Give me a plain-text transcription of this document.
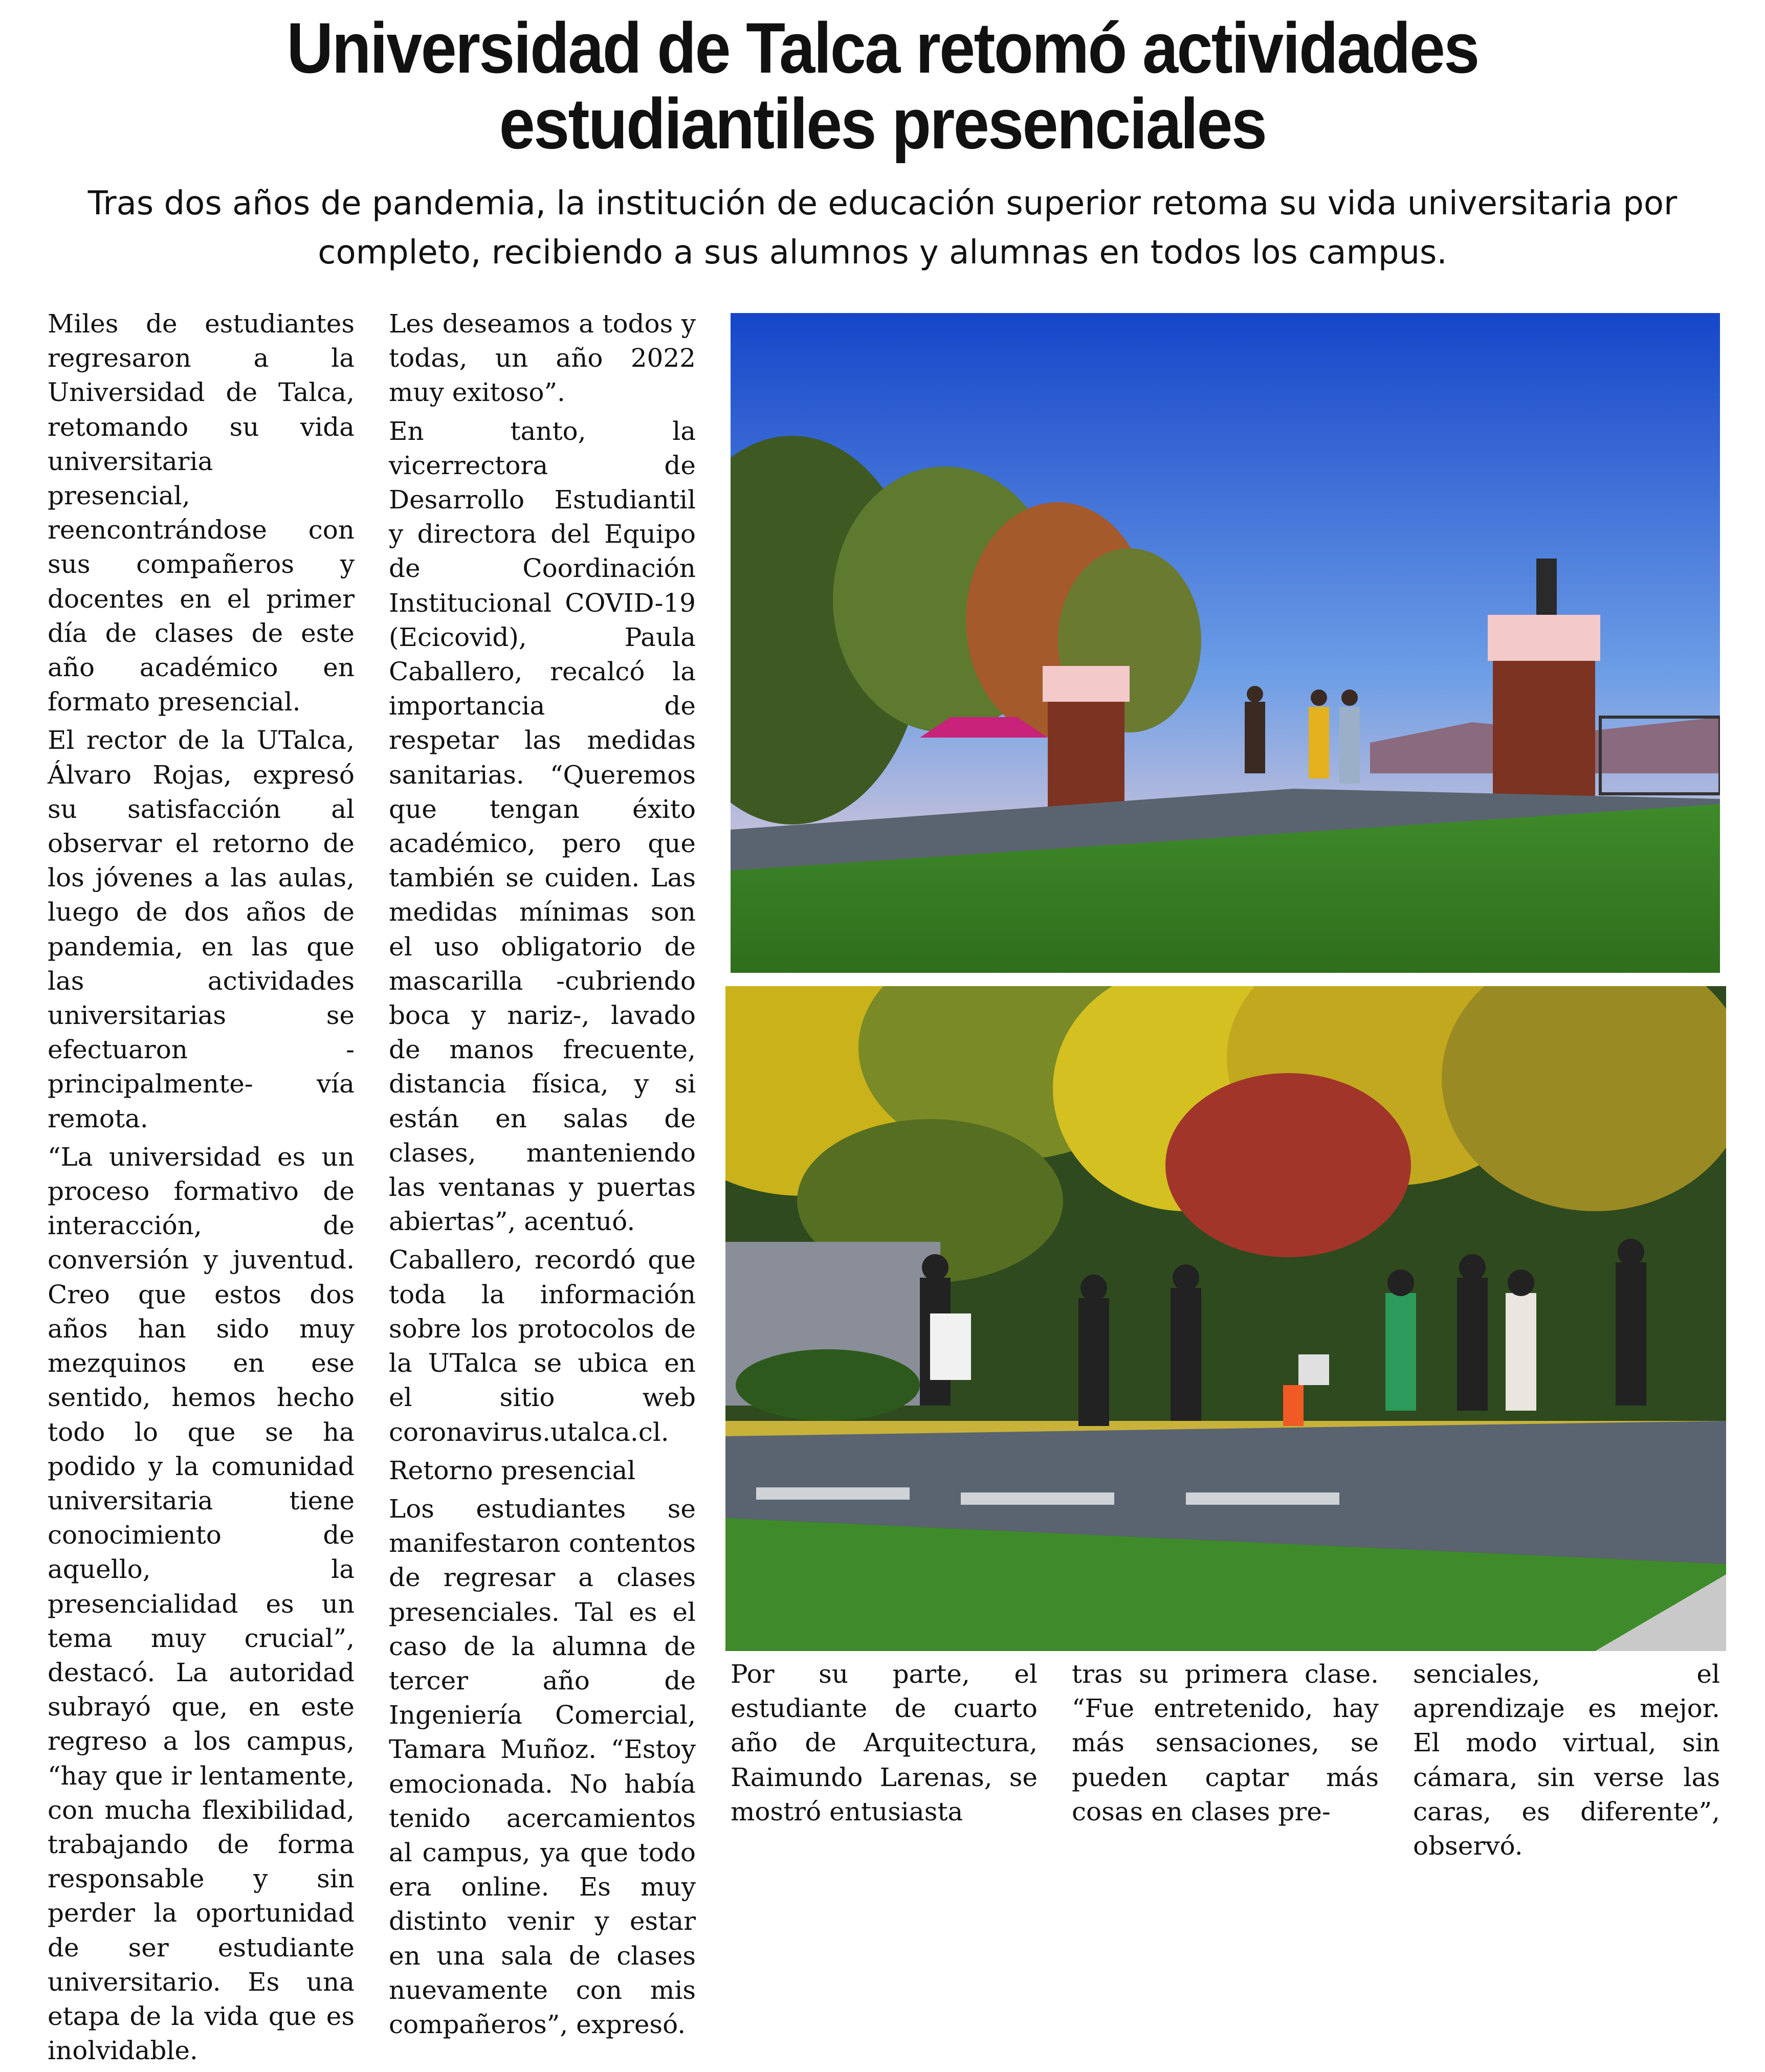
Universidad de Talca retomó actividades
estudiantiles presenciales
Tras dos años de pandemia, la institución de educación superior retoma su vida universitaria por completo, recibiendo a sus alumnos y alumnas en todos los campus.

Miles de estudiantes regresaron a la Universidad de Talca, retomando su vida universitaria presencial, reencontrándose con sus compañeros y docentes en el primer día de clases de este año académico en formato presencial.

El rector de la UTalca, Álvaro Rojas, expresó su satisfacción al observar el retorno de los jóvenes a las aulas, luego de dos años de pandemia, en las que las actividades universitarias se efectuaron -principalmente- vía remota.

“La universidad es un proceso formativo de interacción, de conversión y juventud. Creo que estos dos años han sido muy mezquinos en ese sentido, hemos hecho todo lo que se ha podido y la comunidad universitaria tiene conocimiento de aquello, la presencialidad es un tema muy crucial”, destacó. La autoridad subrayó que, en este regreso a los campus, “hay que ir lentamente, con mucha flexibilidad, trabajando de forma responsable y sin perder la oportunidad de ser estudiante universitario. Es una etapa de la vida que es inolvidable.

Les deseamos a todos y todas, un año 2022 muy exitoso”.

En tanto, la vicerrectora de Desarrollo Estudiantil y directora del Equipo de Coordinación Institucional COVID-19 (Ecicovid), Paula Caballero, recalcó la importancia de respetar las medidas sanitarias. “Queremos que tengan éxito académico, pero que también se cuiden. Las medidas mínimas son el uso obligatorio de mascarilla -cubriendo boca y nariz-, lavado de manos frecuente, distancia física, y si están en salas de clases, manteniendo las ventanas y puertas abiertas”, acentuó.

Caballero, recordó que toda la información sobre los protocolos de la UTalca se ubica en el sitio web coronavirus.utalca.cl.

Retorno presencial

Los estudiantes se manifestaron contentos de regresar a clases presenciales. Tal es el caso de la alumna de tercer año de Ingeniería Comercial, Tamara Muñoz. “Estoy emocionada. No había tenido acercamientos al campus, ya que todo era online. Es muy distinto venir y estar en una sala de clases nuevamente con mis compañeros”, expresó.

Por su parte, el estudiante de cuarto año de Arquitectura, Raimundo Larenas, se mostró entusiasta

tras su primera clase. “Fue entretenido, hay más sensaciones, se pueden captar más cosas en clases pre-

senciales, el aprendizaje es mejor. El modo virtual, sin cámara, sin verse las caras, es diferente”, observó.
